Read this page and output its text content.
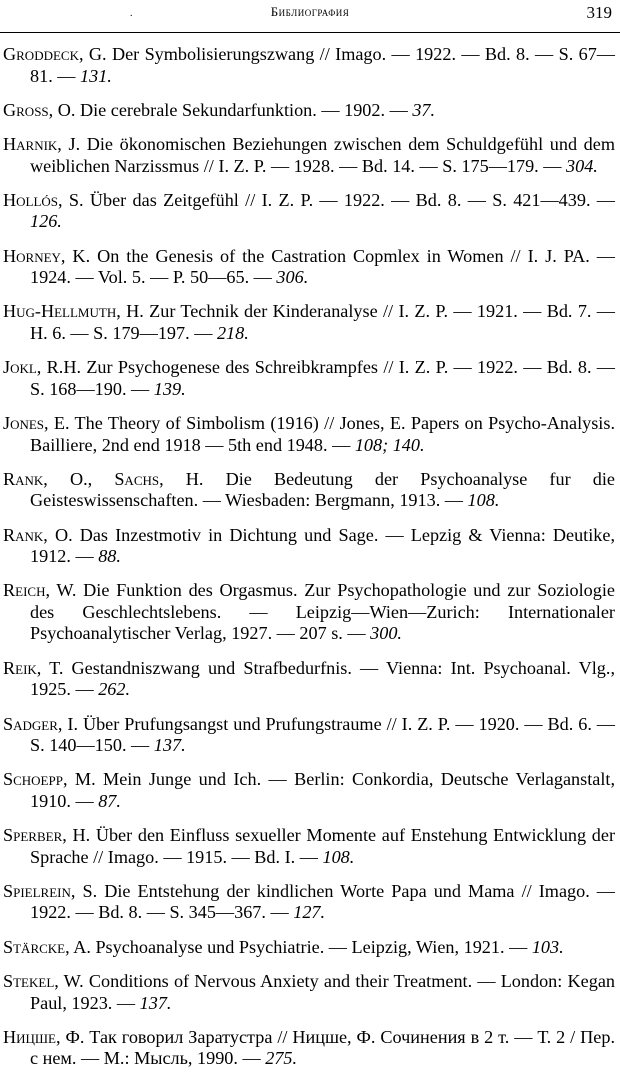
.	Библиография	319
Groddeck, G. Der Symbolisierungszwang // Imago. — 1922. — Bd. 8. — S. 67—81. — 131.
Gross, O. Die cerebrale Sekundarfunktion. — 1902. — 37.
Harnik, J. Die ökonomischen Beziehungen zwischen dem Schuldgefühl und dem weiblichen Narzissmus // I. Z. P. — 1928. — Bd. 14. — S. 175—179. — 304.
Hollós, S. Über das Zeitgefühl // I. Z. P. — 1922. — Bd. 8. — S. 421—439. — 126.
Horney, K. On the Genesis of the Castration Copmlex in Women // I. J. PA. — 1924. — Vol. 5. — P. 50—65. — 306.
Hug-Hellmuth, H. Zur Technik der Kinderanalyse // I. Z. P. — 1921. — Bd. 7. — H. 6. — S. 179—197. — 218.
Jokl, R.H. Zur Psychogenese des Schreibkrampfes // I. Z. P. — 1922. — Bd. 8. — S. 168—190. — 139.
Jones, E. The Theory of Simbolism (1916) // Jones, E. Papers on Psycho-Analysis. Bailliere, 2nd end 1918 — 5th end 1948. — 108; 140.
Rank, O., Sachs, H. Die Bedeutung der Psychoanalyse fur die Geisteswissenschaften. — Wiesbaden: Bergmann, 1913. — 108.
Rank, O. Das Inzestmotiv in Dichtung und Sage. — Lepzig & Vienna: Deutike, 1912. — 88.
Reich, W. Die Funktion des Orgasmus. Zur Psychopathologie und zur Soziologie des Geschlechtslebens. — Leipzig—Wien—Zurich: Internationaler Psychoanalytischer Verlag, 1927. — 207 s. — 300.
Reik, T. Gestandniszwang und Strafbedurfnis. — Vienna: Int. Psychoanal. Vlg., 1925. — 262.
Sadger, I. Über Prufungsangst und Prufungstraume // I. Z. P. — 1920. — Bd. 6. — S. 140—150. — 137.
Schoepp, M. Mein Junge und Ich. — Berlin: Conkordia, Deutsche Verlaganstalt, 1910. — 87.
Sperber, H. Über den Einfluss sexueller Momente auf Enstehung Entwicklung der Sprache // Imago. — 1915. — Bd. I. — 108.
Spielrein, S. Die Entstehung der kindlichen Worte Papa und Mama // Imago. — 1922. — Bd. 8. — S. 345—367. — 127.
Stärcke, A. Psychoanalyse und Psychiatrie. — Leipzig, Wien, 1921. — 103.
Stekel, W. Conditions of Nervous Anxiety and their Treatment. — London: Kegan Paul, 1923. — 137.
Ницше, Ф. Так говорил Заратустра // Ницше, Ф. Сочинения в 2 т. — Т. 2 / Пер. с нем. — М.: Мысль, 1990. — 275.
